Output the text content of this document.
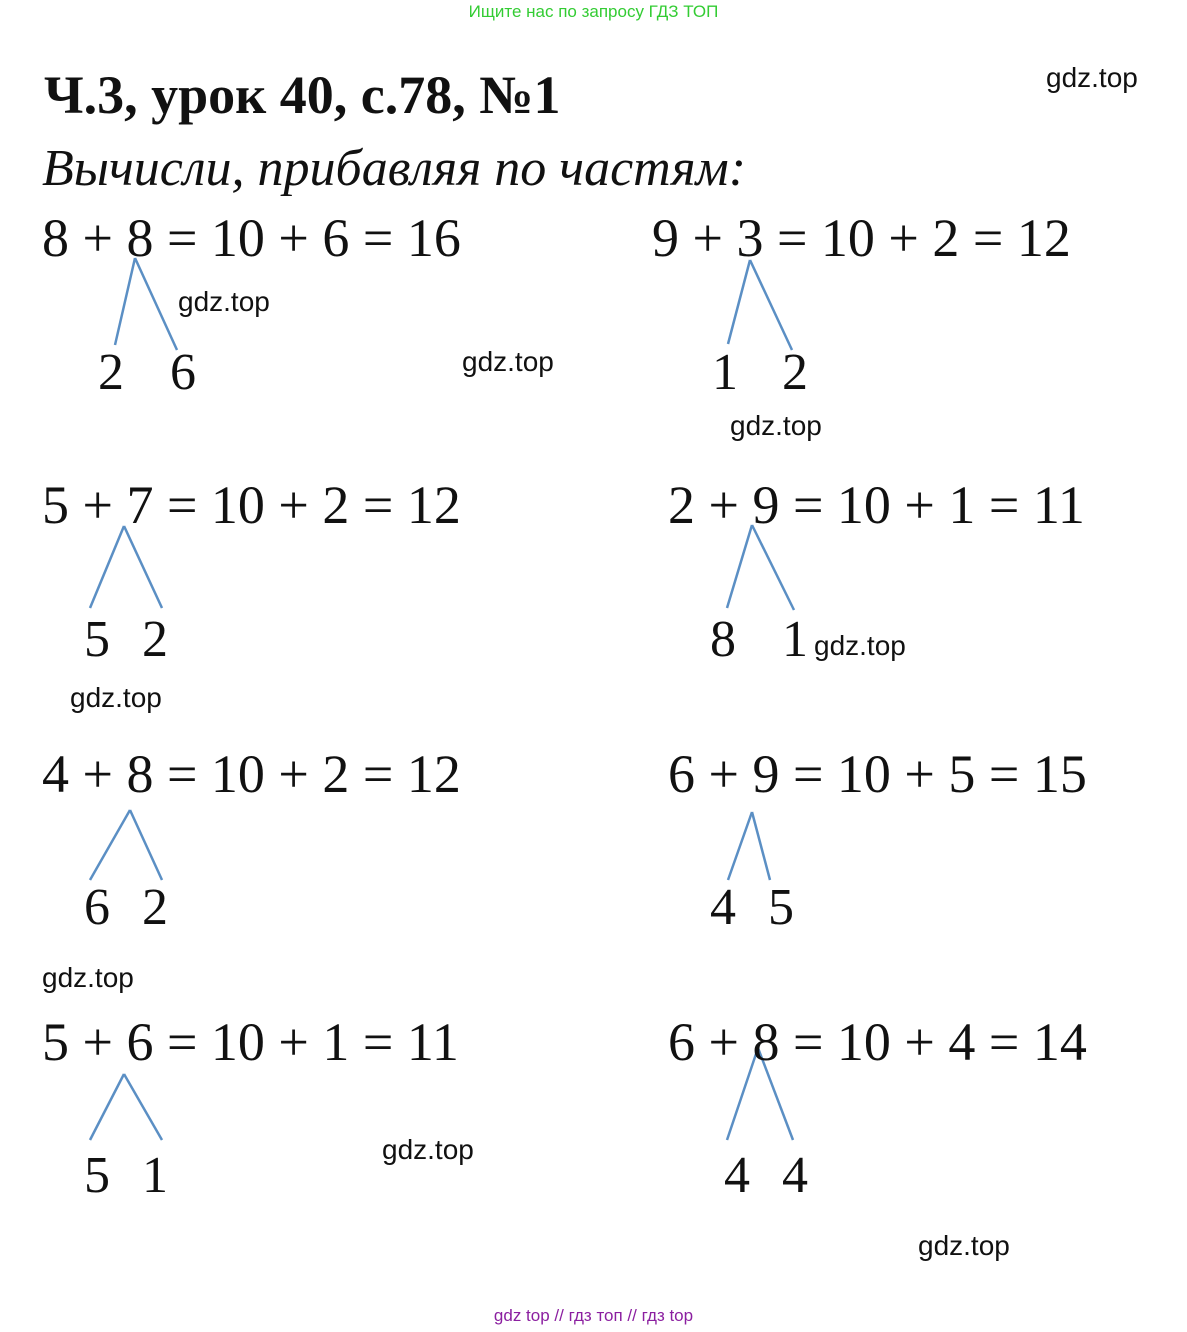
Ищите нас по запросу ГДЗ ТОП
Ч.3, урок 40, с.78, №1
Вычисли, прибавляя по частям:
8 + 8 = 10 + 6 = 16
2 6
9 + 3 = 10 + 2 = 12
1 2
5 + 7 = 10 + 2 = 12
5 2
2 + 9 = 10 + 1 = 11
8 1
4 + 8 = 10 + 2 = 12
6 2
6 + 9 = 10 + 5 = 15
4 5
5 + 6 = 10 + 1 = 11
5 1
6 + 8 = 10 + 4 = 14
4 4
gdz.top
gdz.top
gdz.top
gdz.top
gdz.top
gdz.top
gdz.top
gdz.top
gdz.top
gdz top // гдз топ // гдз top
